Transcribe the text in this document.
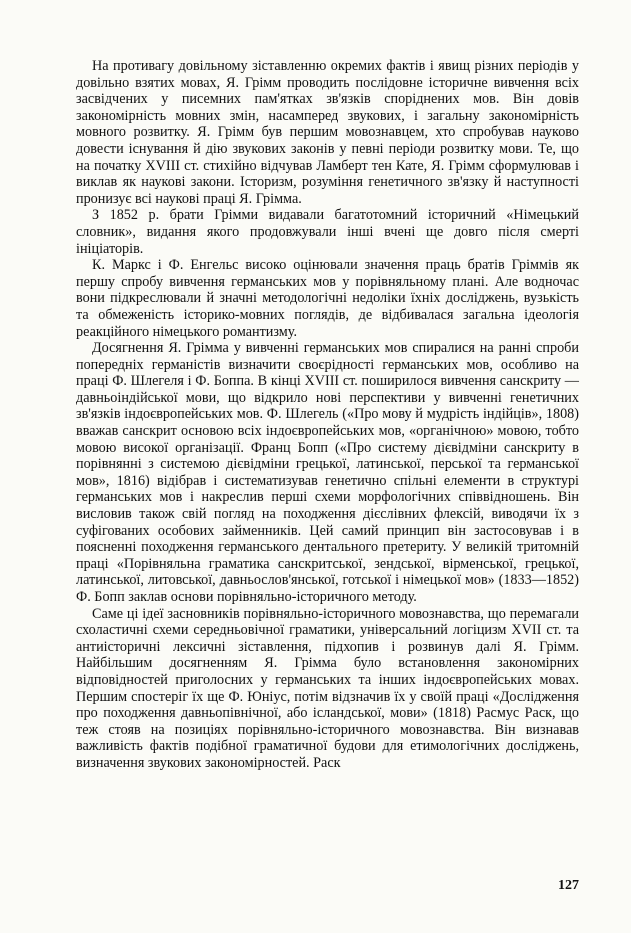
На противагу довільному зіставленню окремих фактів і явищ різних періодів у довільно взятих мовах, Я. Грімм проводить послідовне історичне вивчення всіх засвідчених у писемних пам'ятках зв'язків споріднених мов. Він довів закономірність мовних змін, насамперед звукових, і загальну закономірність мовного розвитку. Я. Грімм був першим мовознавцем, хто спробував науково довести існування й дію звукових законів у певні періоди розвитку мови. Те, що на початку XVIII ст. стихійно відчував Ламберт тен Кате, Я. Грімм сформулював і виклав як наукові закони. Історизм, розуміння генетичного зв'язку й наступності пронизує всі наукові праці Я. Грімма.

З 1852 р. брати Грімми видавали багатотомний історичний «Німецький словник», видання якого продовжували інші вчені ще довго після смерті ініціаторів.

К. Маркс і Ф. Енгельс високо оцінювали значення праць братів Гріммів як першу спробу вивчення германських мов у порівняльному плані. Але водночас вони підкреслювали й значні методологічні недоліки їхніх досліджень, вузькість та обмеженість історико-мовних поглядів, де відбивалася загальна ідеологія реакційного німецького романтизму.

Досягнення Я. Грімма у вивченні германських мов спиралися на ранні спроби попередніх германістів визначити своєрідності германських мов, особливо на праці Ф. Шлегеля і Ф. Боппа. В кінці XVIII ст. поширилося вивчення санскриту — давньоіндійської мови, що відкрило нові перспективи у вивченні генетичних зв'язків індоєвропейських мов. Ф. Шлегель («Про мову й мудрість індійців», 1808) вважав санскрит основою всіх індоєвропейських мов, «органічною» мовою, тобто мовою високої організації. Франц Бопп («Про систему дієвідміни санскриту в порівнянні з системою дієвідміни грецької, латинської, перської та германської мов», 1816) відібрав і систематизував генетично спільні елементи в структурі германських мов і накреслив перші схеми морфологічних співвідношень. Він висловив також свій погляд на походження дієслівних флексій, виводячи їх з суфігованих особових займенників. Цей самий принцип він застосовував і в поясненні походження германського дентального претериту. У великій тритомній праці «Порівняльна граматика санскритської, зендської, вірменської, грецької, латинської, литовської, давньослов'янської, готської і німецької мов» (1833—1852) Ф. Бопп заклав основи порівняльно-історичного методу.

Саме ці ідеї засновників порівняльно-історичного мовознавства, що перемагали схоластичні схеми середньовічної граматики, універсальний логіцизм XVII ст. та антиісторичні лексичні зіставлення, підхопив і розвинув далі Я. Грімм. Найбільшим досягненням Я. Грімма було встановлення закономірних відповідностей приголосних у германських та інших індоєвропейських мовах. Першим спостеріг їх ще Ф. Юніус, потім відзначив їх у своїй праці «Дослідження про походження давньопівнічної, або ісландської, мови» (1818) Расмус Раск, що теж стояв на позиціях порівняльно-історичного мовознавства. Він визнавав важливість фактів подібної граматичної будови для етимологічних досліджень, визначення звукових закономірностей. Раск

127
